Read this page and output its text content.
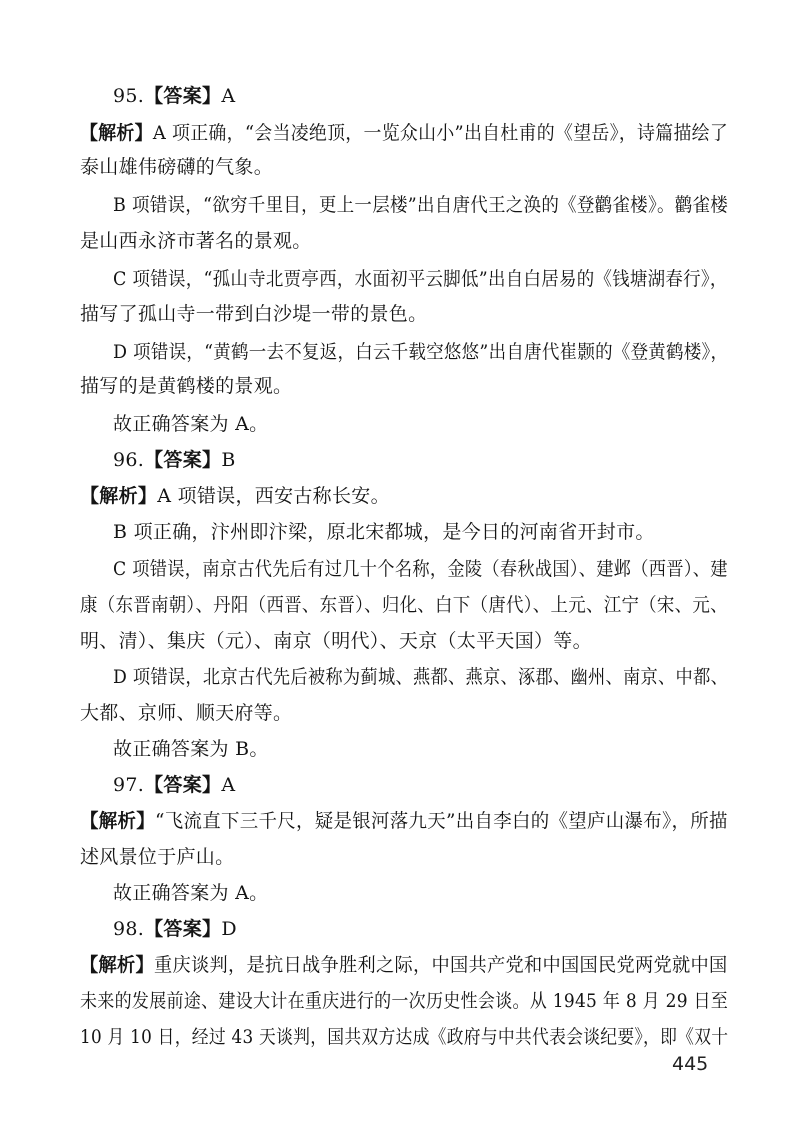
95.【答案】A
【解析】A 项正确，“会当凌绝顶，一览众山小”出自杜甫的《望岳》，诗篇描绘了
泰山雄伟磅礴的气象。
B 项错误，“欲穷千里目，更上一层楼”出自唐代王之涣的《登鹳雀楼》。鹳雀楼
是山西永济市著名的景观。
C 项错误，“孤山寺北贾亭西，水面初平云脚低”出自白居易的《钱塘湖春行》，
描写了孤山寺一带到白沙堤一带的景色。
D 项错误，“黄鹤一去不复返，白云千载空悠悠”出自唐代崔颢的《登黄鹤楼》，
描写的是黄鹤楼的景观。
故正确答案为 A。
96.【答案】B
【解析】A 项错误，西安古称长安。
B 项正确，汴州即汴梁，原北宋都城，是今日的河南省开封市。
C 项错误，南京古代先后有过几十个名称，金陵（春秋战国）、建邺（西晋）、建
康（东晋南朝）、丹阳（西晋、东晋）、归化、白下（唐代）、上元、江宁（宋、元、
明、清）、集庆（元）、南京（明代）、天京（太平天国）等。
D 项错误，北京古代先后被称为蓟城、燕都、燕京、涿郡、幽州、南京、中都、
大都、京师、顺天府等。
故正确答案为 B。
97.【答案】A
【解析】“飞流直下三千尺，疑是银河落九天”出自李白的《望庐山瀑布》，所描
述风景位于庐山。
故正确答案为 A。
98.【答案】D
【解析】重庆谈判，是抗日战争胜利之际，中国共产党和中国国民党两党就中国
未来的发展前途、建设大计在重庆进行的一次历史性会谈。从 1945 年 8 月 29 日至
10 月 10 日，经过 43 天谈判，国共双方达成《政府与中共代表会谈纪要》，即《双十
445
